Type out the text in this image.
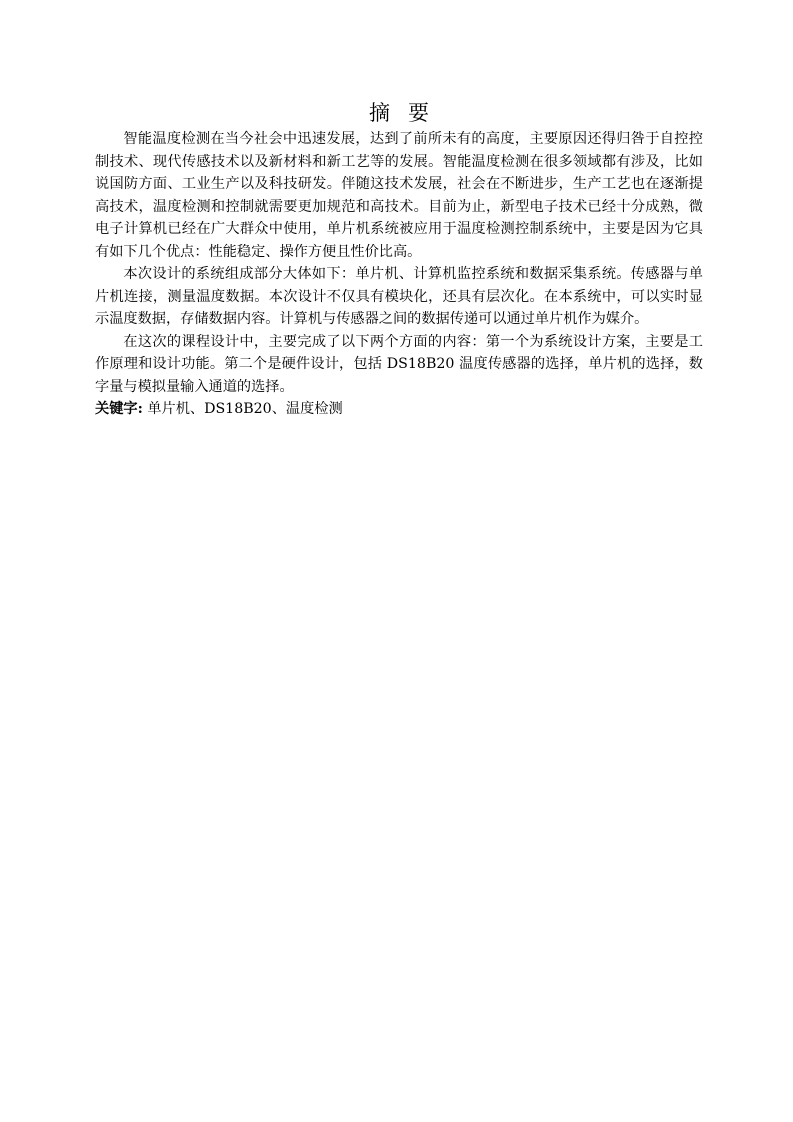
摘要

智能温度检测在当今社会中迅速发展，达到了前所未有的高度，主要原因还得归咎于自控控制技术、现代传感技术以及新材料和新工艺等的发展。智能温度检测在很多领域都有涉及，比如说国防方面、工业生产以及科技研发。伴随这技术发展，社会在不断进步，生产工艺也在逐渐提高技术，温度检测和控制就需要更加规范和高技术。目前为止，新型电子技术已经十分成熟，微电子计算机已经在广大群众中使用，单片机系统被应用于温度检测控制系统中，主要是因为它具有如下几个优点：性能稳定、操作方便且性价比高。

本次设计的系统组成部分大体如下：单片机、计算机监控系统和数据采集系统。传感器与单片机连接，测量温度数据。本次设计不仅具有模块化，还具有层次化。在本系统中，可以实时显示温度数据，存储数据内容。计算机与传感器之间的数据传递可以通过单片机作为媒介。

在这次的课程设计中，主要完成了以下两个方面的内容：第一个为系统设计方案，主要是工作原理和设计功能。第二个是硬件设计，包括 DS18B20 温度传感器的选择，单片机的选择，数字量与模拟量输入通道的选择。

关键字: 单片机、DS18B20、温度检测
